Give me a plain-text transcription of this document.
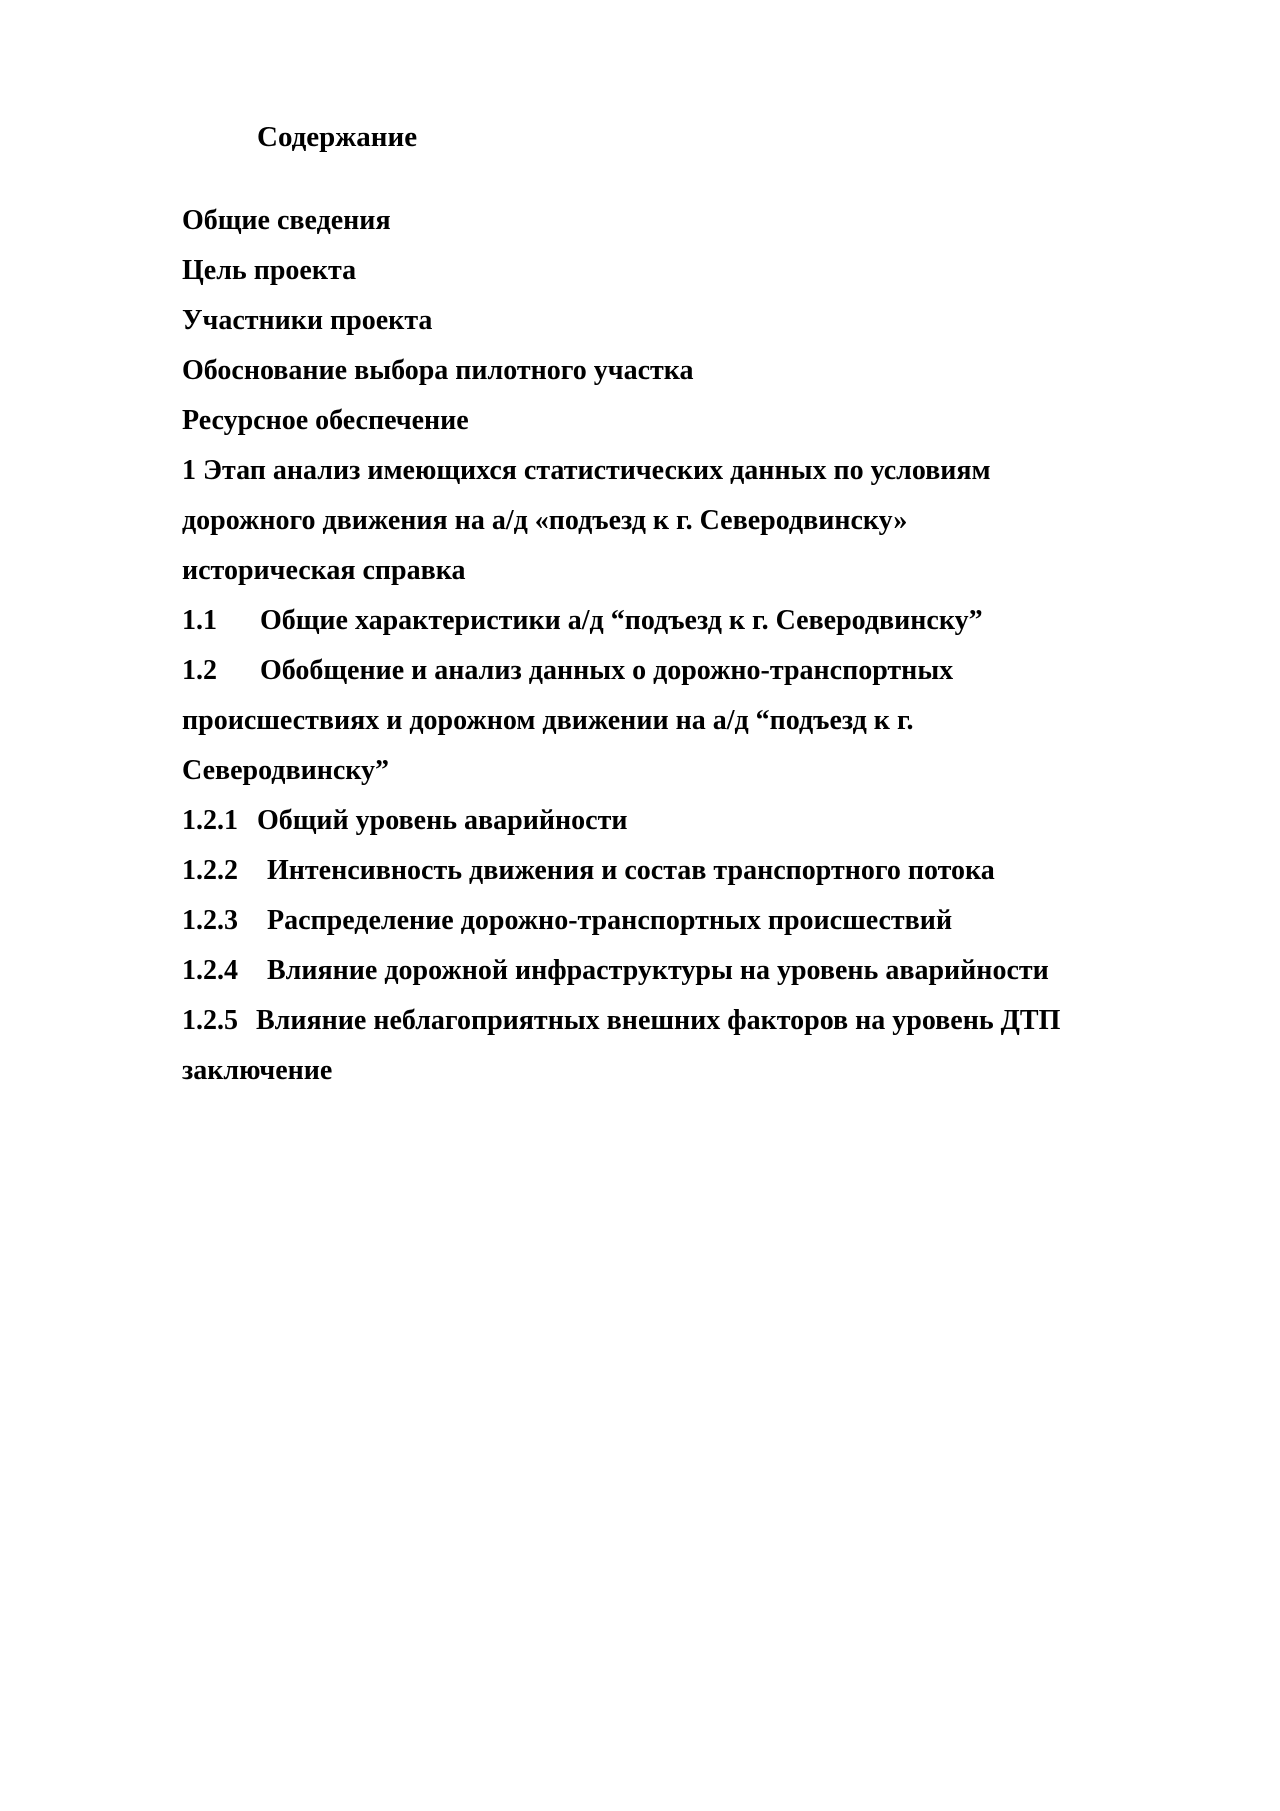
Содержание
Общие сведения
Цель проекта
Участники проекта
Обоснование выбора пилотного участка
Ресурсное обеспечение
1 Этап анализ имеющихся статистических данных по условиям
дорожного движения на а/д «подъезд к г. Северодвинску»
историческая справка
1.1 Общие характеристики а/д “подъезд к г. Северодвинску”
1.2 Обобщение и анализ данных о дорожно-транспортных
происшествиях и дорожном движении на а/д “подъезд к г.
Северодвинску”
1.2.1 Общий уровень аварийности
1.2.2 Интенсивность движения и состав транспортного потока
1.2.3 Распределение дорожно-транспортных происшествий
1.2.4 Влияние дорожной инфраструктуры на уровень аварийности
1.2.5 Влияние неблагоприятных внешних факторов на уровень ДТП
заключение
